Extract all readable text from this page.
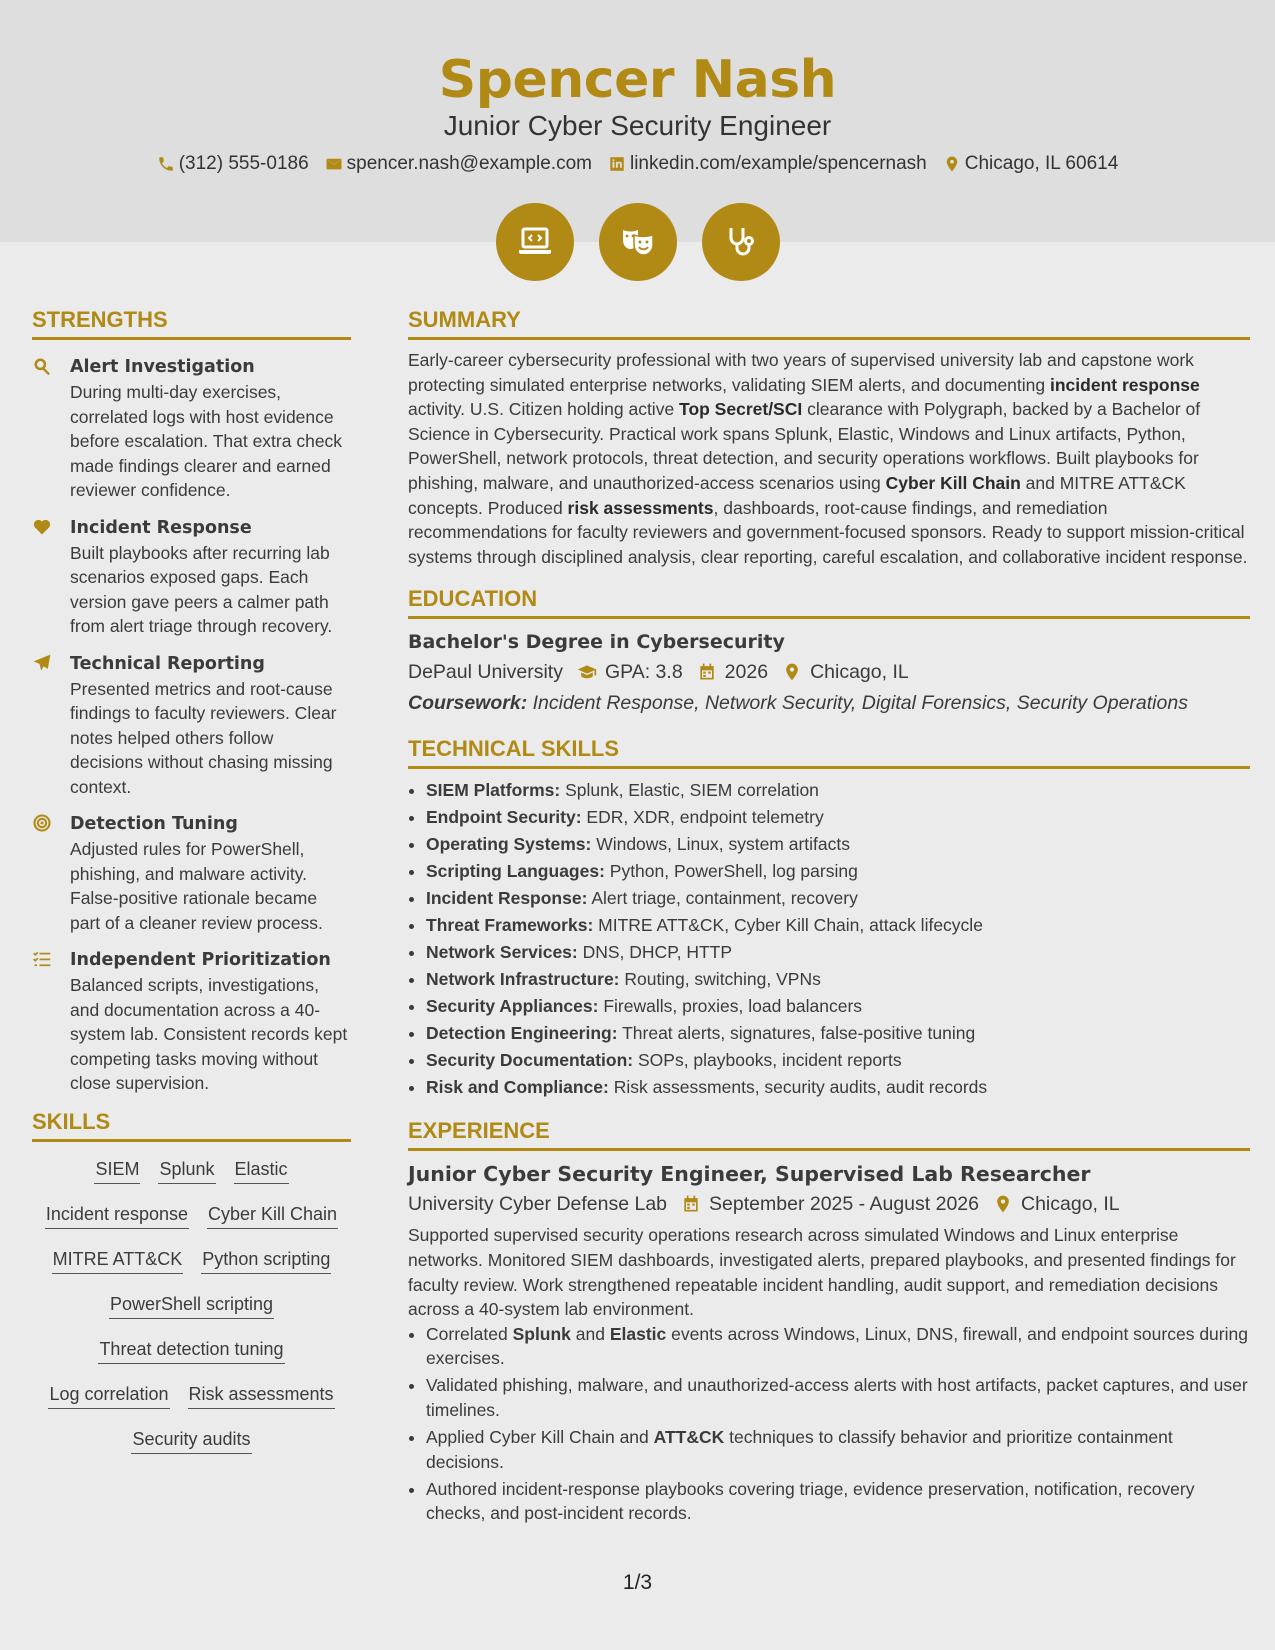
Spencer Nash
Junior Cyber Security Engineer
(312) 555-0186 spencer.nash@example.com linkedin.com/example/spencernash Chicago, IL 60614
STRENGTHS
Alert Investigation

During multi-day exercises, correlated logs with host evidence before escalation. That extra check made findings clearer and earned reviewer confidence.

Incident Response

Built playbooks after recurring lab scenarios exposed gaps. Each version gave peers a calmer path from alert triage through recovery.

Technical Reporting

Presented metrics and root-cause findings to faculty reviewers. Clear notes helped others follow decisions without chasing missing context.

Detection Tuning

Adjusted rules for PowerShell, phishing, and malware activity. False-positive rationale became part of a cleaner review process.

Independent Prioritization

Balanced scripts, investigations, and documentation across a 40-system lab. Consistent records kept competing tasks moving without close supervision.

SKILLS
SIEM Splunk Elastic
Incident response Cyber Kill Chain
MITRE ATT&CK Python scripting
PowerShell scripting
Threat detection tuning
Log correlation Risk assessments
Security audits
SUMMARY

Early-career cybersecurity professional with two years of supervised university lab and capstone work protecting simulated enterprise networks, validating SIEM alerts, and documenting incident response activity. U.S. Citizen holding active Top Secret/SCI clearance with Polygraph, backed by a Bachelor of Science in Cybersecurity. Practical work spans Splunk, Elastic, Windows and Linux artifacts, Python, PowerShell, network protocols, threat detection, and security operations workflows. Built playbooks for phishing, malware, and unauthorized-access scenarios using Cyber Kill Chain and MITRE ATT&CK concepts. Produced risk assessments, dashboards, root-cause findings, and remediation recommendations for faculty reviewers and government-focused sponsors. Ready to support mission-critical systems through disciplined analysis, clear reporting, careful escalation, and collaborative incident response.

EDUCATION
Bachelor's Degree in Cybersecurity
DePaul University GPA: 3.8 2026 Chicago, IL
Coursework: Incident Response, Network Security, Digital Forensics, Security Operations
TECHNICAL SKILLS
• SIEM Platforms: Splunk, Elastic, SIEM correlation
• Endpoint Security: EDR, XDR, endpoint telemetry
• Operating Systems: Windows, Linux, system artifacts
• Scripting Languages: Python, PowerShell, log parsing
• Incident Response: Alert triage, containment, recovery
• Threat Frameworks: MITRE ATT&CK, Cyber Kill Chain, attack lifecycle
• Network Services: DNS, DHCP, HTTP
• Network Infrastructure: Routing, switching, VPNs
• Security Appliances: Firewalls, proxies, load balancers
• Detection Engineering: Threat alerts, signatures, false-positive tuning
• Security Documentation: SOPs, playbooks, incident reports
• Risk and Compliance: Risk assessments, security audits, audit records
EXPERIENCE
Junior Cyber Security Engineer, Supervised Lab Researcher
University Cyber Defense Lab September 2025 - August 2026 Chicago, IL

Supported supervised security operations research across simulated Windows and Linux enterprise networks. Monitored SIEM dashboards, investigated alerts, prepared playbooks, and presented findings for faculty review. Work strengthened repeatable incident handling, audit support, and remediation decisions across a 40-system lab environment.

• Correlated Splunk and Elastic events across Windows, Linux, DNS, firewall, and endpoint sources during exercises.
• Validated phishing, malware, and unauthorized-access alerts with host artifacts, packet captures, and user timelines.
• Applied Cyber Kill Chain and ATT&CK techniques to classify behavior and prioritize containment decisions.
• Authored incident-response playbooks covering triage, evidence preservation, notification, recovery checks, and post-incident records.
1/3
